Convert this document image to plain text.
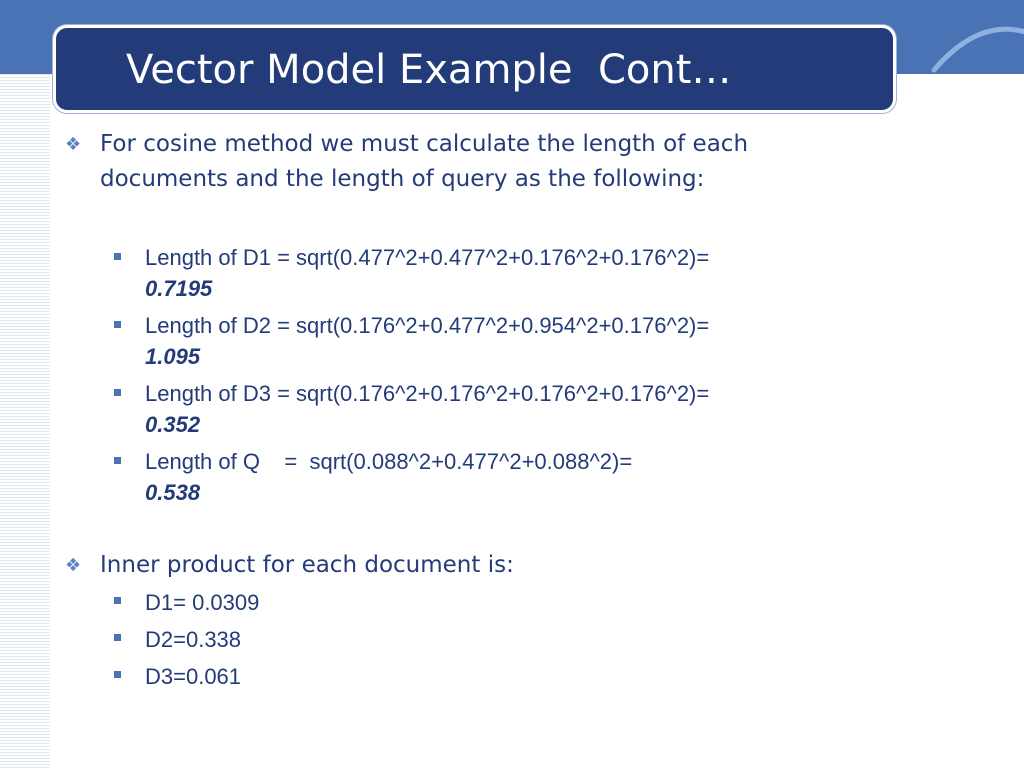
Vector Model Example  Cont…
❖ For cosine method we must calculate the length of each
documents and the length of query as the following:
Length of D1 = sqrt(0.477^2+0.477^2+0.176^2+0.176^2)=
0.7195
Length of D2 = sqrt(0.176^2+0.477^2+0.954^2+0.176^2)=
1.095
Length of D3 = sqrt(0.176^2+0.176^2+0.176^2+0.176^2)=
0.352
Length of Q    =  sqrt(0.088^2+0.477^2+0.088^2)=
0.538
❖ Inner product for each document is:
D1= 0.0309
D2=0.338
D3=0.061
